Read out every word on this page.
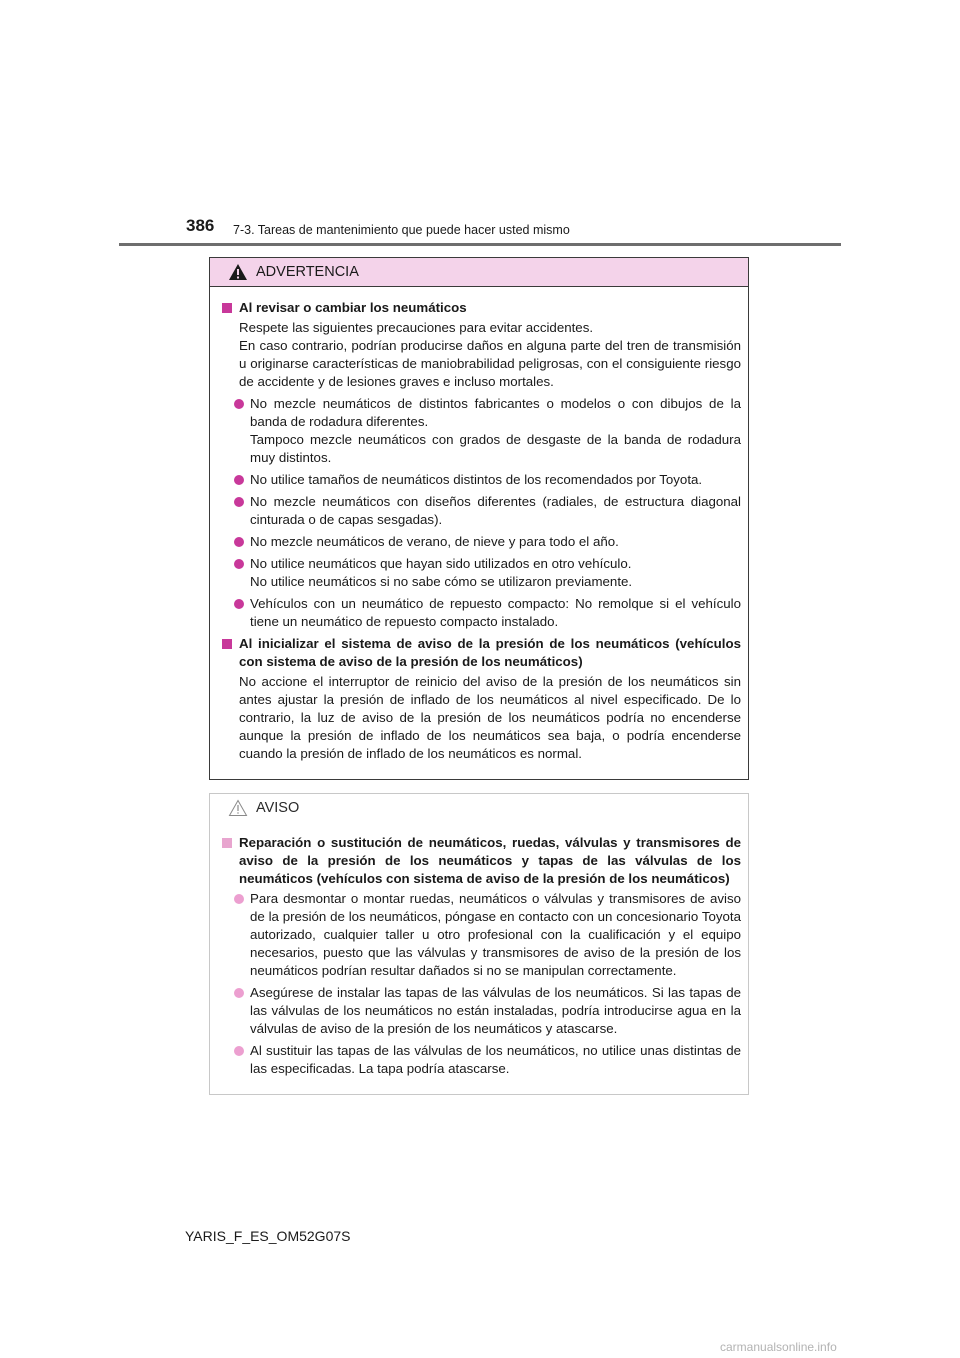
386 7-3. Tareas de mantenimiento que puede hacer usted mismo
ADVERTENCIA
Al revisar o cambiar los neumáticos
Respete las siguientes precauciones para evitar accidentes.
En caso contrario, podrían producirse daños en alguna parte del tren de transmisión u originarse características de maniobrabilidad peligrosas, con el consiguiente riesgo de accidente y de lesiones graves e incluso mortales.
No mezcle neumáticos de distintos fabricantes o modelos o con dibujos de la banda de rodadura diferentes.
Tampoco mezcle neumáticos con grados de desgaste de la banda de rodadura muy distintos.
No utilice tamaños de neumáticos distintos de los recomendados por Toyota.
No mezcle neumáticos con diseños diferentes (radiales, de estructura diagonal cinturada o de capas sesgadas).
No mezcle neumáticos de verano, de nieve y para todo el año.
No utilice neumáticos que hayan sido utilizados en otro vehículo.
No utilice neumáticos si no sabe cómo se utilizaron previamente.
Vehículos con un neumático de repuesto compacto: No remolque si el vehículo tiene un neumático de repuesto compacto instalado.
Al inicializar el sistema de aviso de la presión de los neumáticos (vehículos con sistema de aviso de la presión de los neumáticos)
No accione el interruptor de reinicio del aviso de la presión de los neumáticos sin antes ajustar la presión de inflado de los neumáticos al nivel especificado. De lo contrario, la luz de aviso de la presión de los neumáticos podría no encenderse aunque la presión de inflado de los neumáticos sea baja, o podría encenderse cuando la presión de inflado de los neumáticos es normal.
AVISO
Reparación o sustitución de neumáticos, ruedas, válvulas y transmisores de aviso de la presión de los neumáticos y tapas de las válvulas de los neumáticos (vehículos con sistema de aviso de la presión de los neumáticos)
Para desmontar o montar ruedas, neumáticos o válvulas y transmisores de aviso de la presión de los neumáticos, póngase en contacto con un concesionario Toyota autorizado, cualquier taller u otro profesional con la cualificación y el equipo necesarios, puesto que las válvulas y transmisores de aviso de la presión de los neumáticos podrían resultar dañados si no se manipulan correctamente.
Asegúrese de instalar las tapas de las válvulas de los neumáticos. Si las tapas de las válvulas de los neumáticos no están instaladas, podría introducirse agua en la válvulas de aviso de la presión de los neumáticos y atascarse.
Al sustituir las tapas de las válvulas de los neumáticos, no utilice unas distintas de las especificadas. La tapa podría atascarse.
YARIS_F_ES_OM52G07S
carmanualsonline.info
